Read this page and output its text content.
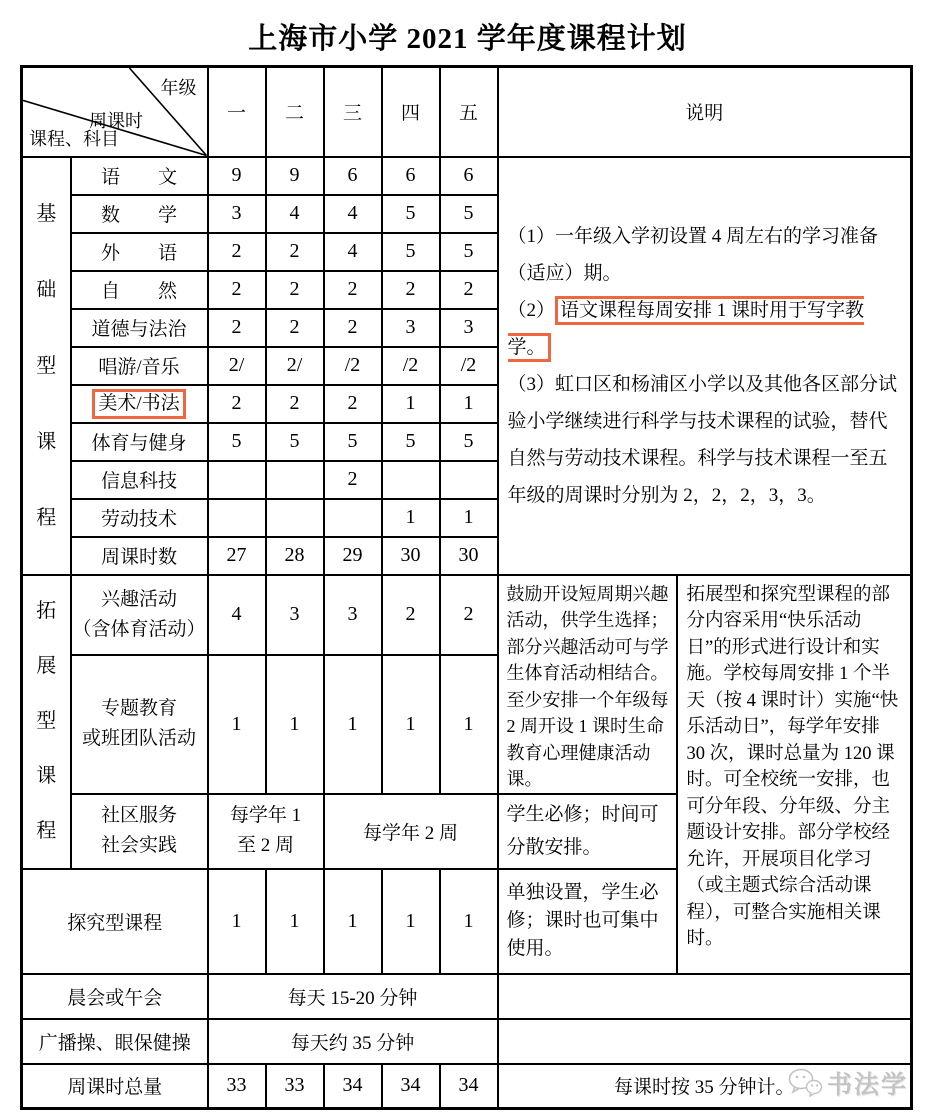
上海市小学 2021 学年度课程计划
年级
周课时
课程、科目		一	二	三	四	五	说明	

基础型课程	语　　文	9	9	6	6	6	（1）一年级入学初设置 4 周左右的学习准备（适应）期。
（2） 语文课程每周安排 1 课时用于写字教学。
（3）虹口区和杨浦区小学以及其他各区部分试验小学继续进行科学与技术课程的试验，替代自然与劳动技术课程。科学与技术课程一至五年级的周课时分别为 2，2，2，3，3。	

	数　　学	3	4	4	5	5		
	外　　语	2	2	4	5	5		
	自　　然	2	2	2	2	2		
	道德与法治	2	2	2	3	3		
	唱游/音乐	2/	2/	/2	/2	/2		
	美术/书法	2	2	2	1	1		
	体育与健身	5	5	5	5	5		
	信息科技			2				
	劳动技术				1	1		
	周课时数	27	28	29	30	30		

拓展型课程	兴趣活动
（含体育活动）	4	3	3	2	2	鼓励开设短周期兴趣活动，供学生选择；部分兴趣活动可与学生体育活动相结合。至少安排一个年级每 2 周开设 1 课时生命教育心理健康活动课。	拓展型和探究型课程的部分内容采用“快乐活动日”的形式进行设计和实施。学校每周安排 1 个半天（按 4 课时计）实施“快乐活动日”，每学年安排 30 次，课时总量为 120 课时。可全校统一安排，也可分年段、分年级、分主题设计安排。部分学校经允许，开展项目化学习（或主题式综合活动课程），可整合实施相关课时。

	专题教育
或班团队活动	1	1	1	1	1		

	社区服务
社会实践	每学年 1 至 2 周		每学年 2 周			学生必修；时间可分散安排。	
探究型课程		1	1	1	1	1	单独设置，学生必修；课时也可集中使用。	
晨会或午会		每天 15-20 分钟						
广播操、眼保健操		每天约 35 分钟						
周课时总量		33	33	34	34	34	每课时按 35 分钟计。 书法学	
